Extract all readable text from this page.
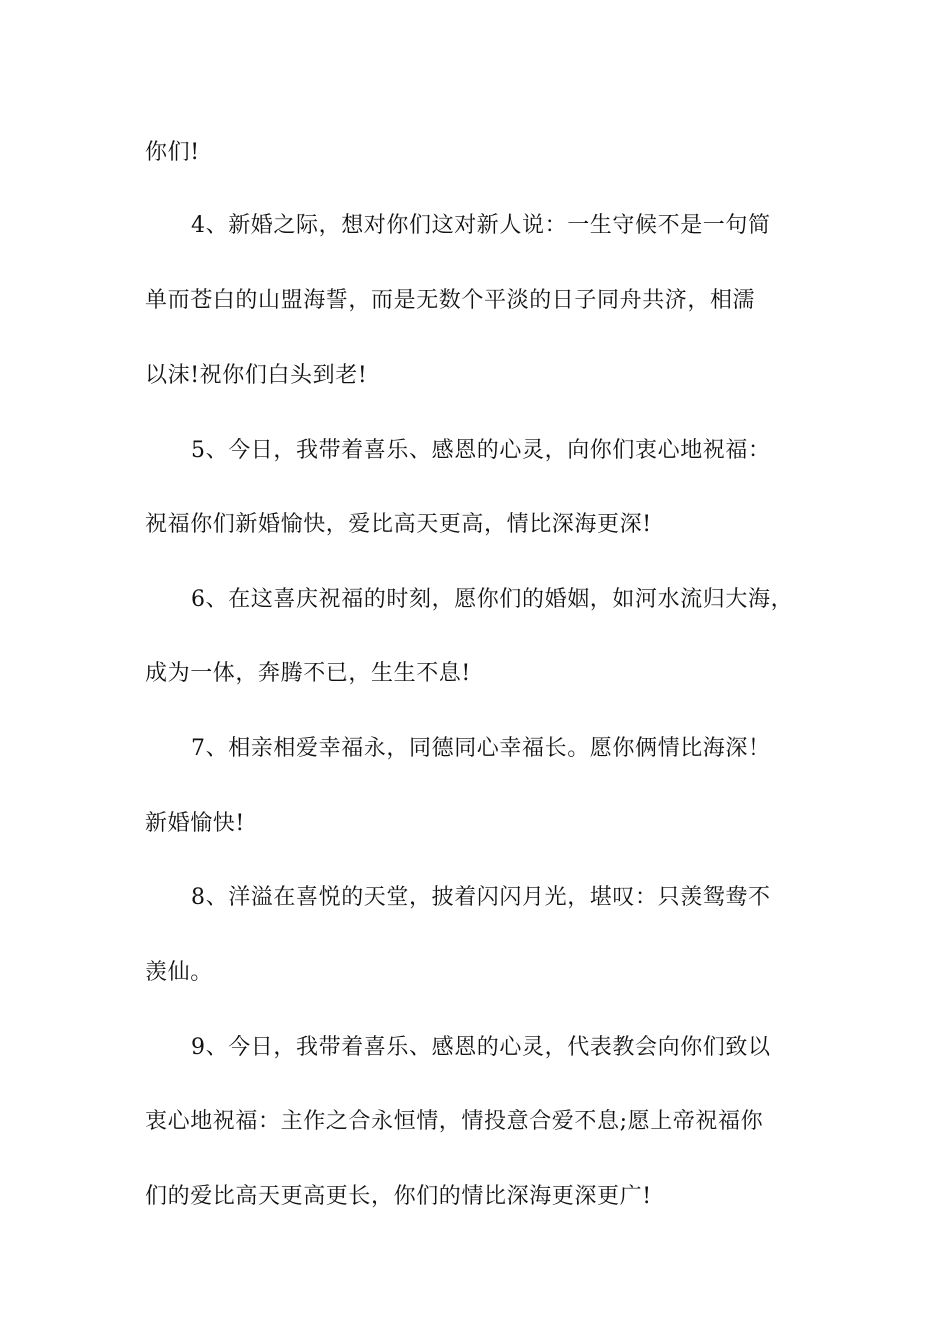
你们!
4、新婚之际，想对你们这对新人说：一生守候不是一句简
单而苍白的山盟海誓，而是无数个平淡的日子同舟共济，相濡
以沫!祝你们白头到老!
5、今日，我带着喜乐、感恩的心灵，向你们衷心地祝福：
祝福你们新婚愉快，爱比高天更高，情比深海更深!
6、在这喜庆祝福的时刻，愿你们的婚姻，如河水流归大海，
成为一体，奔腾不已，生生不息!
7、相亲相爱幸福永，同德同心幸福长。愿你俩情比海深！
新婚愉快!
8、洋溢在喜悦的天堂，披着闪闪月光，堪叹：只羡鸳鸯不
羡仙。
9、今日，我带着喜乐、感恩的心灵，代表教会向你们致以
衷心地祝福：主作之合永恒情，情投意合爱不息;愿上帝祝福你
们的爱比高天更高更长，你们的情比深海更深更广!
